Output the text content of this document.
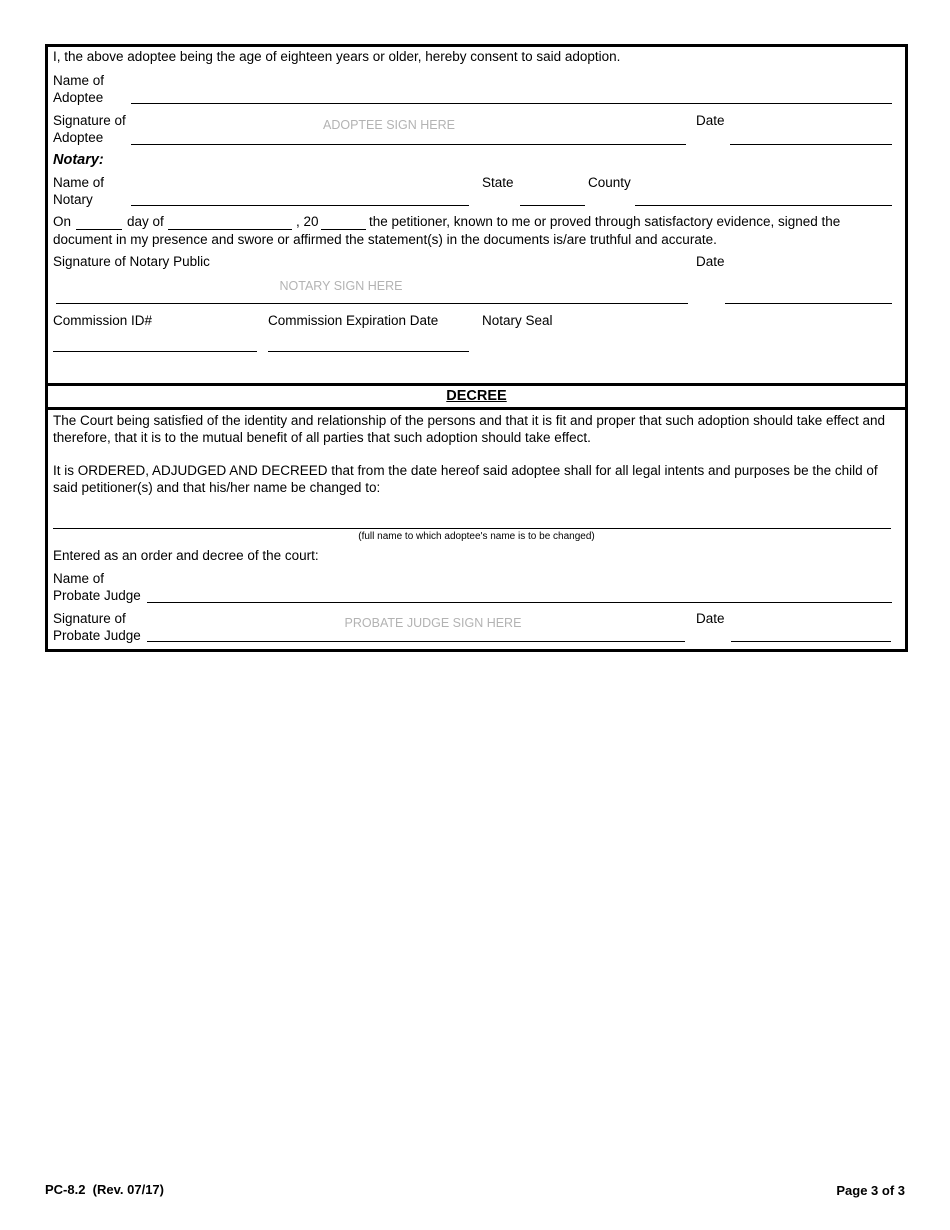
I, the above adoptee being the age of eighteen years or older, hereby consent to said adoption.
Name of
Adoptee
Signature of
Adoptee
ADOPTEE SIGN HERE	Date
Notary:
Name of
Notary
State	County
On	day of	, 20	the petitioner, known to me or proved through satisfactory evidence, signed the
document in my presence and swore or affirmed the statement(s) in the documents is/are truthful and accurate.
Signature of Notary Public	Date
NOTARY SIGN HERE
Commission ID#	Commission Expiration Date	Notary Seal
DECREE
The Court being satisfied of the identity and relationship of the persons and that it is fit and proper that such adoption should take effect and therefore, that it is to the mutual benefit of all parties that such adoption should take effect.
It is ORDERED, ADJUDGED AND DECREED that from the date hereof said adoptee shall for all legal intents and purposes be the child of said petitioner(s) and that his/her name be changed to:
(full name to which adoptee's name is to be changed)
Entered as an order and decree of the court:
Name of
Probate Judge
Signature of
Probate Judge
PROBATE JUDGE SIGN HERE	Date
PC-8.2  (Rev. 07/17)	Page 3 of 3
